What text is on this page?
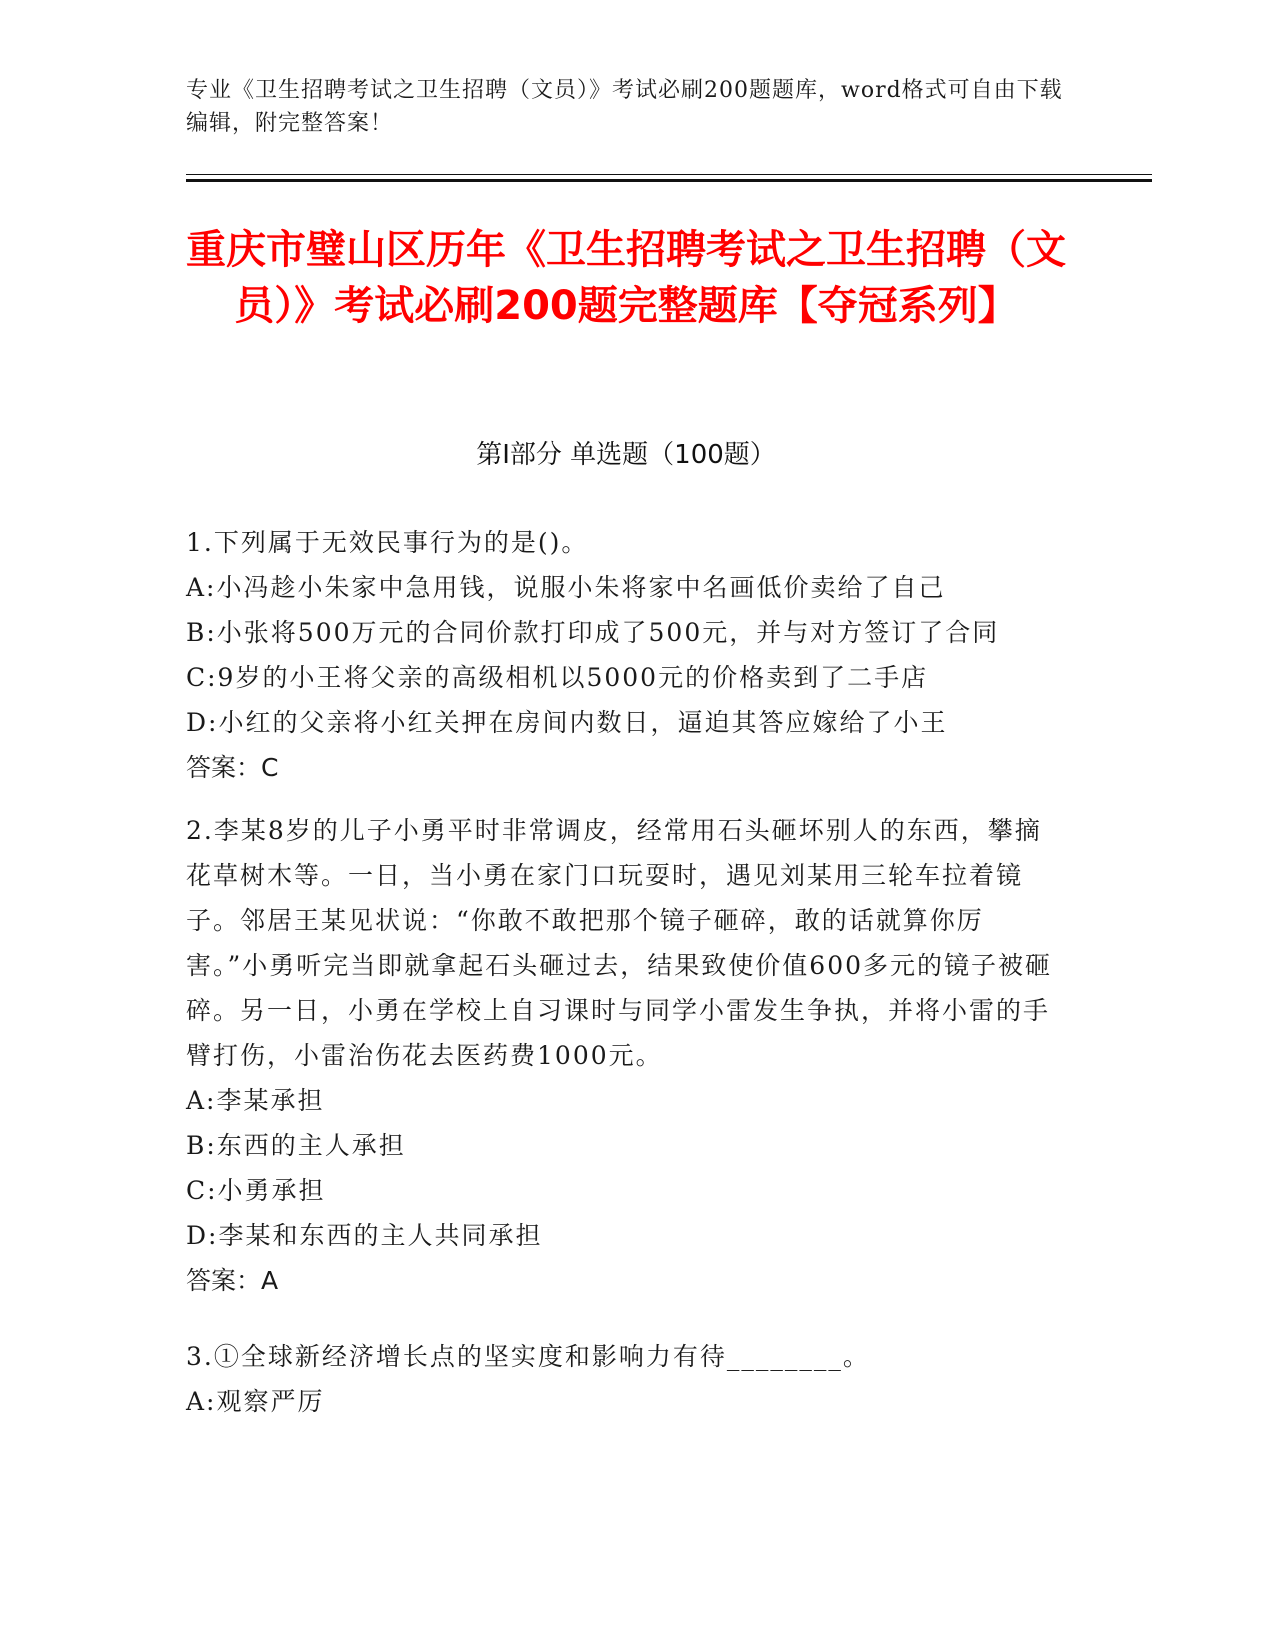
专业《卫生招聘考试之卫生招聘（文员）》考试必刷200题题库，word格式可自由下载编辑，附完整答案！
重庆市璧山区历年《卫生招聘考试之卫生招聘（文员）》考试必刷200题完整题库【夺冠系列】
第I部分 单选题（100题）

1.下列属于无效民事行为的是()。

A:小冯趁小朱家中急用钱，说服小朱将家中名画低价卖给了自己

B:小张将500万元的合同价款打印成了500元，并与对方签订了合同

C:9岁的小王将父亲的高级相机以5000元的价格卖到了二手店

D:小红的父亲将小红关押在房间内数日，逼迫其答应嫁给了小王

答案：C

2.李某8岁的儿子小勇平时非常调皮，经常用石头砸坏别人的东西，攀摘花草树木等。一日，当小勇在家门口玩耍时，遇见刘某用三轮车拉着镜子。邻居王某见状说：“你敢不敢把那个镜子砸碎，敢的话就算你厉害。”小勇听完当即就拿起石头砸过去，结果致使价值600多元的镜子被砸碎。另一日，小勇在学校上自习课时与同学小雷发生争执，并将小雷的手臂打伤，小雷治伤花去医药费1000元。

A:李某承担

B:东西的主人承担

C:小勇承担

D:李某和东西的主人共同承担

答案：A

3.①全球新经济增长点的坚实度和影响力有待________。

A:观察严厉
